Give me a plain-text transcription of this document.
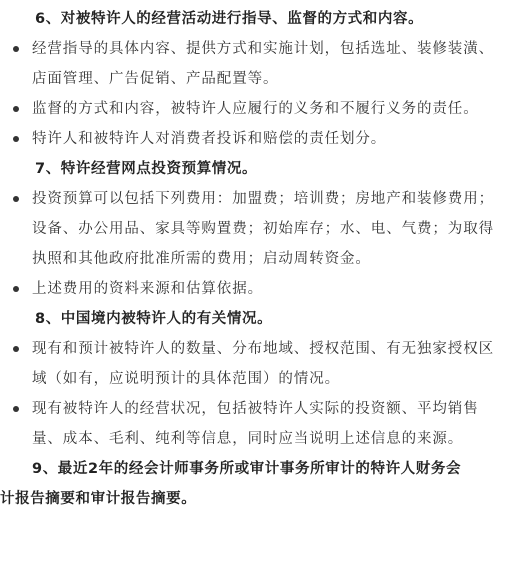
6、对被特许人的经营活动进行指导、监督的方式和内容。
经营指导的具体内容、提供方式和实施计划，包括选址、装修装潢、店面管理、广告促销、产品配置等。
监督的方式和内容，被特许人应履行的义务和不履行义务的责任。
特许人和被特许人对消费者投诉和赔偿的责任划分。
7、特许经营网点投资预算情况。
投资预算可以包括下列费用：加盟费；培训费；房地产和装修费用；设备、办公用品、家具等购置费；初始库存；水、电、气费；为取得执照和其他政府批准所需的费用；启动周转资金。
上述费用的资料来源和估算依据。
8、中国境内被特许人的有关情况。
现有和预计被特许人的数量、分布地域、授权范围、有无独家授权区域（如有，应说明预计的具体范围）的情况。
现有被特许人的经营状况，包括被特许人实际的投资额、平均销售量、成本、毛利、纯利等信息，同时应当说明上述信息的来源。
9、最近2年的经会计师事务所或审计事务所审计的特许人财务会
计报告摘要和审计报告摘要。
